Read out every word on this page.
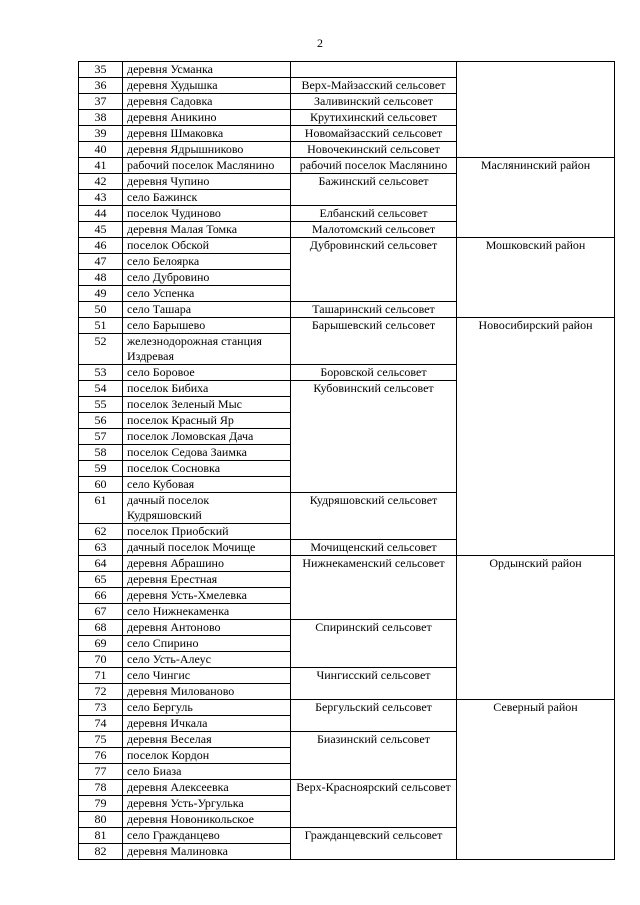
2
35	деревня Усманка		
36	деревня Худышка	Верх-Майзасский сельсовет	
37	деревня Садовка	Заливинский сельсовет	
38	деревня Аникино	Крутихинский сельсовет	
39	деревня Шмаковка	Новомайзасский сельсовет	
40	деревня Ядрышниково	Новочекинский сельсовет	
41	рабочий поселок Маслянино	рабочий поселок Маслянино	Маслянинский район
42	деревня Чупино	Бажинский сельсовет	
43	село Бажинск		
44	поселок Чудиново	Елбанский сельсовет	
45	деревня Малая Томка	Малотомский сельсовет	
46	поселок Обской	Дубровинский сельсовет	Мошковский район
47	село Белоярка		
48	село Дубровино		
49	село Успенка		
50	село Ташара	Ташаринский сельсовет	
51	село Барышево	Барышевский сельсовет	Новосибирский район
52	железнодорожная станция Издревая		
53	село Боровое	Боровской сельсовет	
54	поселок Бибиха	Кубовинский сельсовет	
55	поселок Зеленый Мыс		
56	поселок Красный Яр		
57	поселок Ломовская Дача		
58	поселок Седова Заимка		
59	поселок Сосновка		
60	село Кубовая		
61	дачный поселок Кудряшовский	Кудряшовский сельсовет	
62	поселок Приобский		
63	дачный поселок Мочище	Мочищенский сельсовет	
64	деревня Абрашино	Нижнекаменский сельсовет	Ордынский район
65	деревня Ерестная		
66	деревня Усть-Хмелевка		
67	село Нижнекаменка		
68	деревня Антоново	Спиринский сельсовет	
69	село Спирино		
70	село Усть-Алеус		
71	село Чингис	Чингисский сельсовет	
72	деревня Милованово		
73	село Бергуль	Бергульский сельсовет	Северный район
74	деревня Ичкала		
75	деревня Веселая	Биазинский сельсовет	
76	поселок Кордон		
77	село Биаза		
78	деревня Алексеевка	Верх-Красноярский сельсовет	
79	деревня Усть-Ургулька		
80	деревня Новоникольское		
81	село Гражданцево	Гражданцевский сельсовет	
82	деревня Малиновка		
